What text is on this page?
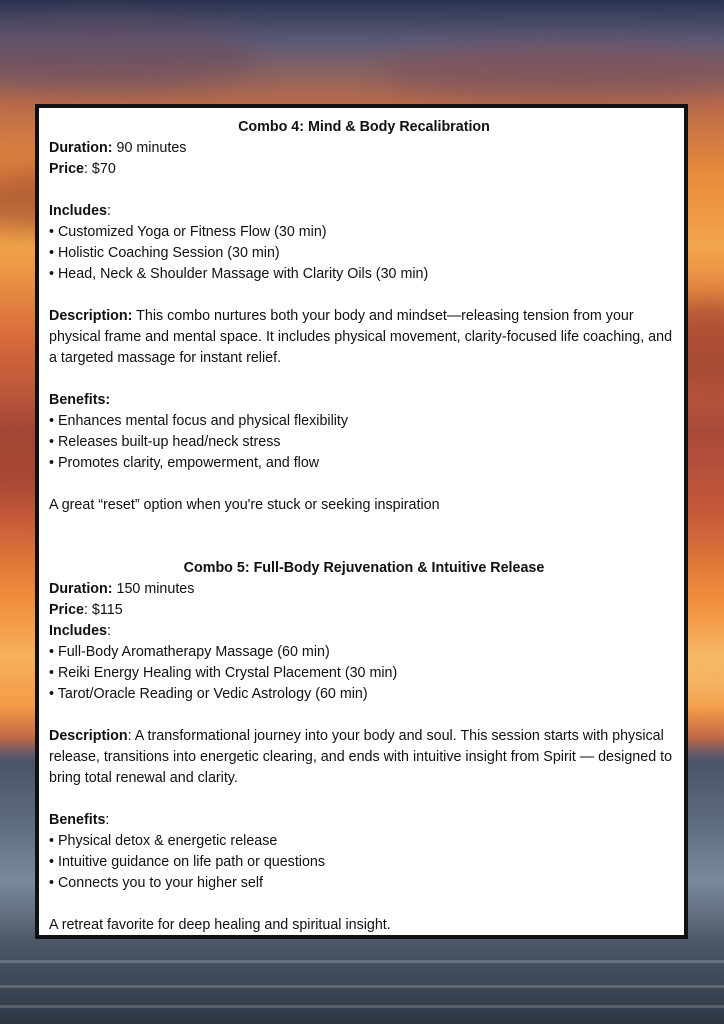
Combo 4: Mind & Body Recalibration

Duration: 90 minutes

Price: $70

Includes:

• Customized Yoga or Fitness Flow (30 min)

• Holistic Coaching Session (30 min)

• Head, Neck & Shoulder Massage with Clarity Oils (30 min)

Description: This combo nurtures both your body and mindset—releasing tension from your physical frame and mental space. It includes physical movement, clarity-focused life coaching, and a targeted massage for instant relief.

Benefits:

• Enhances mental focus and physical flexibility

• Releases built-up head/neck stress

• Promotes clarity, empowerment, and flow

A great “reset” option when you're stuck or seeking inspiration

Combo 5: Full-Body Rejuvenation & Intuitive Release

Duration: 150 minutes

Price: $115

Includes:

• Full-Body Aromatherapy Massage (60 min)

• Reiki Energy Healing with Crystal Placement (30 min)

• Tarot/Oracle Reading or Vedic Astrology (60 min)

Description: A transformational journey into your body and soul. This session starts with physical release, transitions into energetic clearing, and ends with intuitive insight from Spirit — designed to bring total renewal and clarity.

Benefits:

• Physical detox & energetic release

• Intuitive guidance on life path or questions

• Connects you to your higher self

A retreat favorite for deep healing and spiritual insight.
